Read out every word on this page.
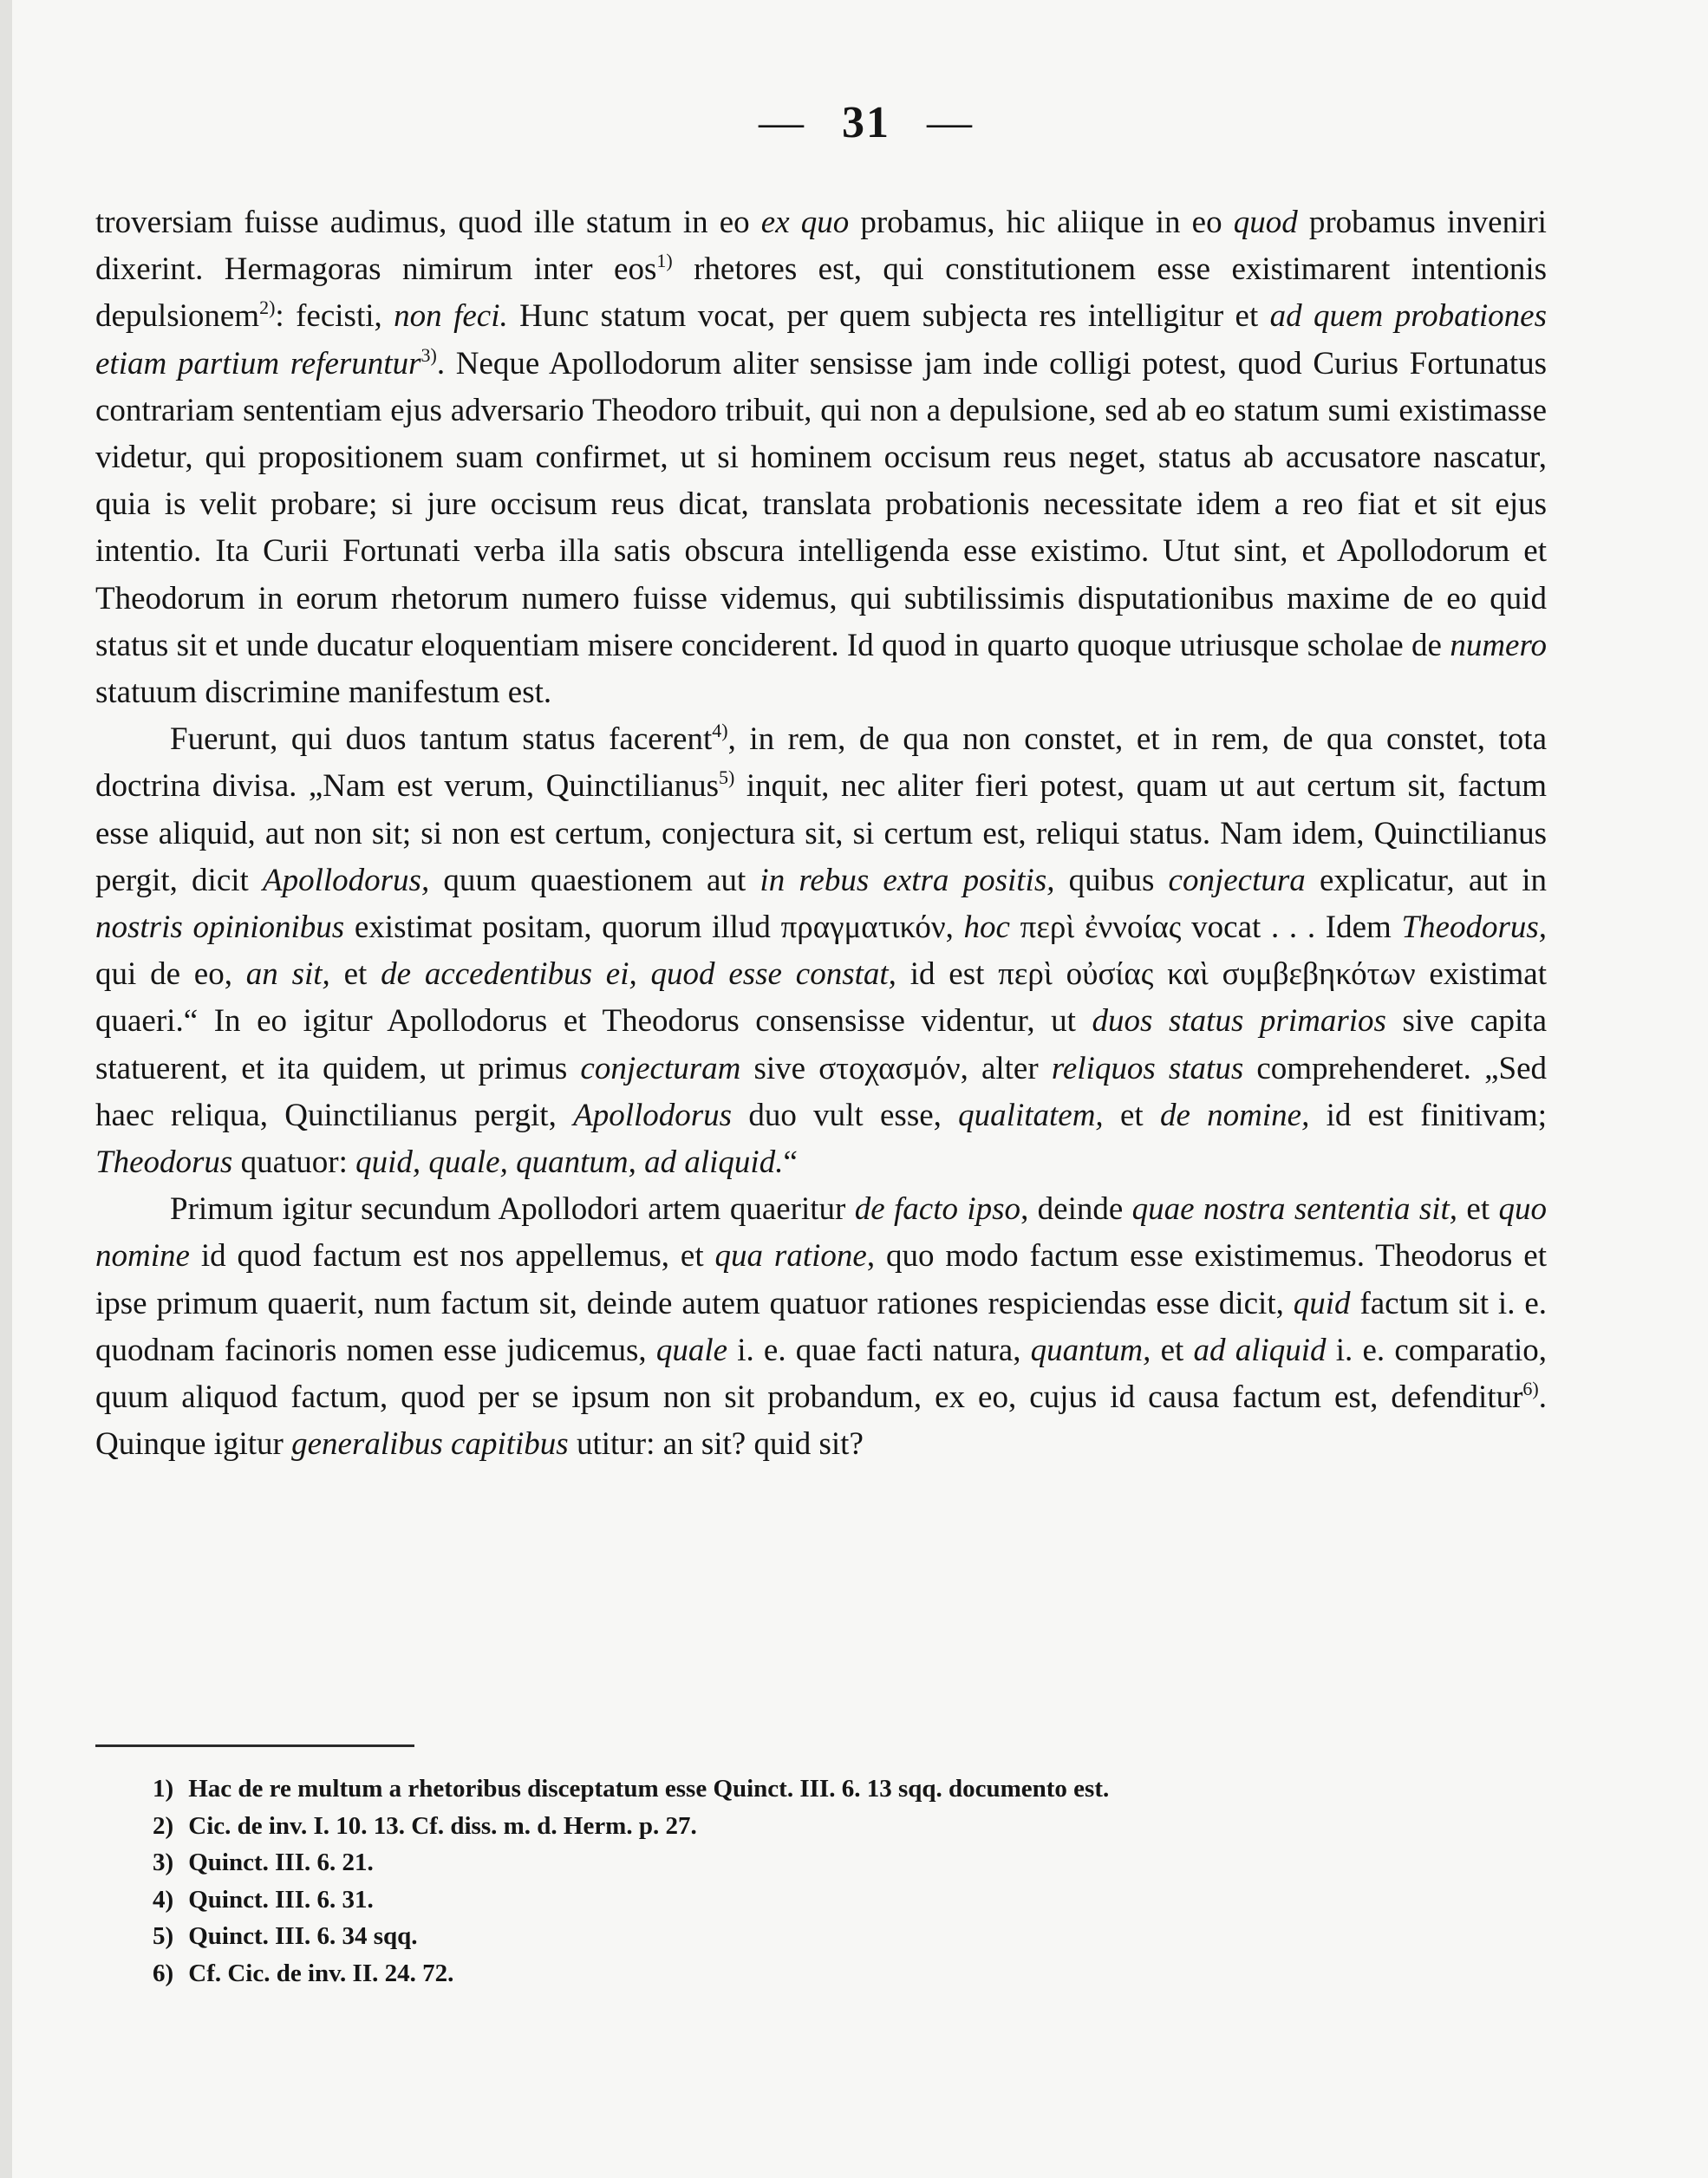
— 31 —

troversiam fuisse audimus, quod ille statum in eo ex quo probamus, hic aliique in eo quod probamus inveniri dixerint. Hermagoras nimirum inter eos$^{1)}$ rhetores est, qui constitutionem esse existimarent intentionis depulsionem$^{2)}$: fecisti, non feci. Hunc statum vocat, per quem subjecta res intelligitur et ad quem probationes etiam partium referuntur$^{3)}$. Neque Apollodorum aliter sensisse jam inde colligi potest, quod Curius Fortunatus contrariam sententiam ejus adversario Theodoro tribuit, qui non a depulsione, sed ab eo statum sumi existimasse videtur, qui propositionem suam confirmet, ut si hominem occisum reus neget, status ab accusatore nascatur, quia is velit probare; si jure occisum reus dicat, translata probationis necessitate idem a reo fiat et sit ejus intentio. Ita Curii Fortunati verba illa satis obscura intelligenda esse existimo. Utut sint, et Apollodorum et Theodorum in eorum rhetorum numero fuisse videmus, qui subtilissimis disputationibus maxime de eo quid status sit et unde ducatur eloquentiam misere conciderent. Id quod in quarto quoque utriusque scholae de numero statuum discrimine manifestum est.

Fuerunt, qui duos tantum status facerent$^{4)}$, in rem, de qua non constet, et in rem, de qua constet, tota doctrina divisa. „Nam est verum, Quinctilianus$^{5)}$ inquit, nec aliter fieri potest, quam ut aut certum sit, factum esse aliquid, aut non sit; si non est certum, conjectura sit, si certum est, reliqui status. Nam idem, Quinctilianus pergit, dicit Apollodorus, quum quaestionem aut in rebus extra positis, quibus conjectura explicatur, aut in nostris opinionibus existimat positam, quorum illud πραγματικόν, hoc περὶ ἐννοίας vocat . . . Idem Theodorus, qui de eo, an sit, et de accedentibus ei, quod esse constat, id est περὶ οὐσίας καὶ συμβεβηκότων existimat quaeri.“ In eo igitur Apollodorus et Theodorus consensisse videntur, ut duos status primarios sive capita statuerent, et ita quidem, ut primus conjecturam sive στοχασμόν, alter reliquos status comprehenderet. „Sed haec reliqua, Quinctilianus pergit, Apollodorus duo vult esse, qualitatem, et de nomine, id est finitivam; Theodorus quatuor: quid, quale, quantum, ad aliquid.“

Primum igitur secundum Apollodori artem quaeritur de facto ipso, deinde quae nostra sententia sit, et quo nomine id quod factum est nos appellemus, et qua ratione, quo modo factum esse existimemus. Theodorus et ipse primum quaerit, num factum sit, deinde autem quatuor rationes respiciendas esse dicit, quid factum sit i. e. quodnam facinoris nomen esse judicemus, quale i. e. quae facti natura, quantum, et ad aliquid i. e. comparatio, quum aliquod factum, quod per se ipsum non sit probandum, ex eo, cujus id causa factum est, defenditur$^{6)}$. Quinque igitur generalibus capitibus utitur: an sit? quid sit?

1) Hac de re multum a rhetoribus disceptatum esse Quinct. III. 6. 13 sqq. documento est.
2) Cic. de inv. I. 10. 13. Cf. diss. m. d. Herm. p. 27.
3) Quinct. III. 6. 21.
4) Quinct. III. 6. 31.
5) Quinct. III. 6. 34 sqq.
6) Cf. Cic. de inv. II. 24. 72.
